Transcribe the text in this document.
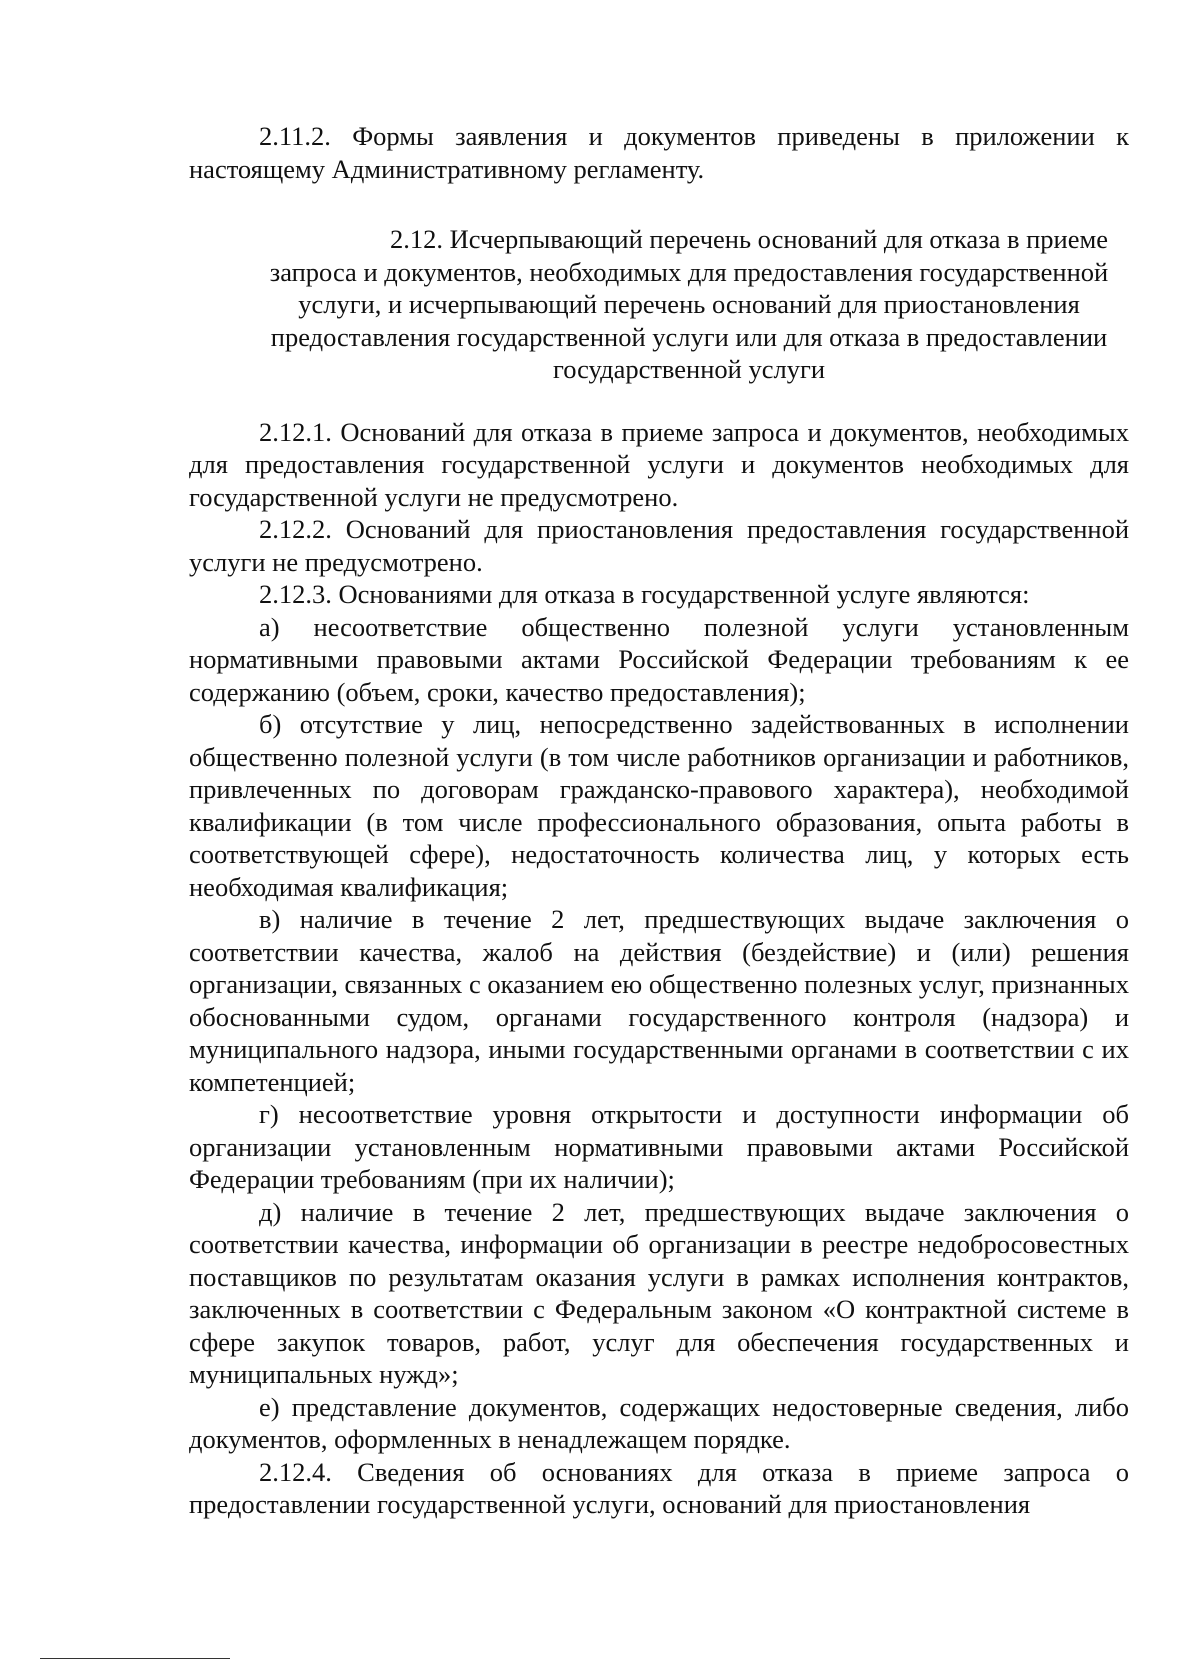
2.11.2. Формы заявления и документов приведены в приложении к настоящему Административному регламенту.

2.12. Исчерпывающий перечень оснований для отказа в приеме
запроса и документов, необходимых для предоставления государственной услуги, и исчерпывающий перечень оснований для приостановления предоставления государственной услуги или для отказа в предоставлении государственной услуги

2.12.1. Оснований для отказа в приеме запроса и документов, необходимых для предоставления государственной услуги и документов необходимых для государственной услуги не предусмотрено.

2.12.2. Оснований для приостановления предоставления государственной услуги не предусмотрено.

2.12.3. Основаниями для отказа в государственной услуге являются:

а) несоответствие общественно полезной услуги установленным нормативными правовыми актами Российской Федерации требованиям к ее содержанию (объем, сроки, качество предоставления);

б) отсутствие у лиц, непосредственно задействованных в исполнении общественно полезной услуги (в том числе работников организации и работников, привлеченных по договорам гражданско-правового характера), необходимой квалификации (в том числе профессионального образования, опыта работы в соответствующей сфере), недостаточность количества лиц, у которых есть необходимая квалификация;

в) наличие в течение 2 лет, предшествующих выдаче заключения о соответствии качества, жалоб на действия (бездействие) и (или) решения организации, связанных с оказанием ею общественно полезных услуг, признанных обоснованными судом, органами государственного контроля (надзора) и муниципального надзора, иными государственными органами в соответствии с их компетенцией;

г) несоответствие уровня открытости и доступности информации об организации установленным нормативными правовыми актами Российской Федерации требованиям (при их наличии);

д) наличие в течение 2 лет, предшествующих выдаче заключения о соответствии качества, информации об организации в реестре недобросовестных поставщиков по результатам оказания услуги в рамках исполнения контрактов, заключенных в соответствии с Федеральным законом «О контрактной системе в сфере закупок товаров, работ, услуг для обеспечения государственных и муниципальных нужд»;

е) представление документов, содержащих недостоверные сведения, либо документов, оформленных в ненадлежащем порядке.

2.12.4. Сведения об основаниях для отказа в приеме запроса о предоставлении государственной услуги, оснований для приостановления
